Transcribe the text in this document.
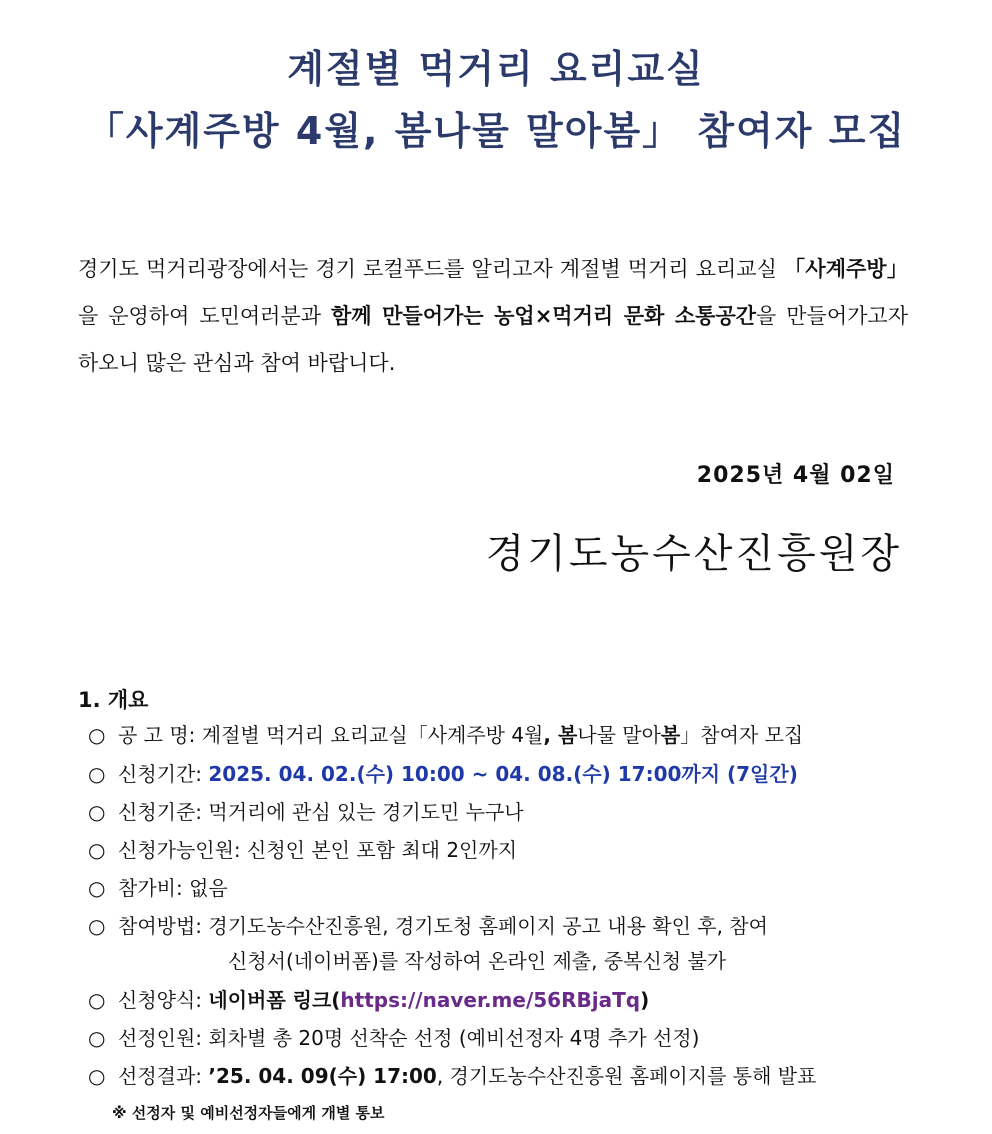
계절별 먹거리 요리교실
「사계주방 4월, 봄나물 말아봄」 참여자 모집
경기도 먹거리광장에서는 경기 로컬푸드를 알리고자 계절별 먹거리 요리교실 「사계주방」을 운영하여 도민여러분과 함께 만들어가는 농업×먹거리 문화 소통공간을 만들어가고자 하오니 많은 관심과 참여 바랍니다.
2025년 4월 02일
경기도농수산진흥원장
1. 개요
○ 공 고 명: 계절별 먹거리 요리교실「사계주방 4월, 봄나물 말아봄」참여자 모집
○ 신청기간: 2025. 04. 02.(수) 10:00 ~ 04. 08.(수) 17:00까지 (7일간)
○ 신청기준: 먹거리에 관심 있는 경기도민 누구나
○ 신청가능인원: 신청인 본인 포함 최대 2인까지
○ 참가비: 없음
○ 참여방법: 경기도농수산진흥원, 경기도청 홈페이지 공고 내용 확인 후, 참여
신청서(네이버폼)를 작성하여 온라인 제출, 중복신청 불가
○ 신청양식: 네이버폼 링크(https://naver.me/56RBjaTq)
○ 선정인원: 회차별 총 20명 선착순 선정 (예비선정자 4명 추가 선정)
○ 선정결과: ’25. 04. 09(수) 17:00, 경기도농수산진흥원 홈페이지를 통해 발표
※ 선정자 및 예비선정자들에게 개별 통보
